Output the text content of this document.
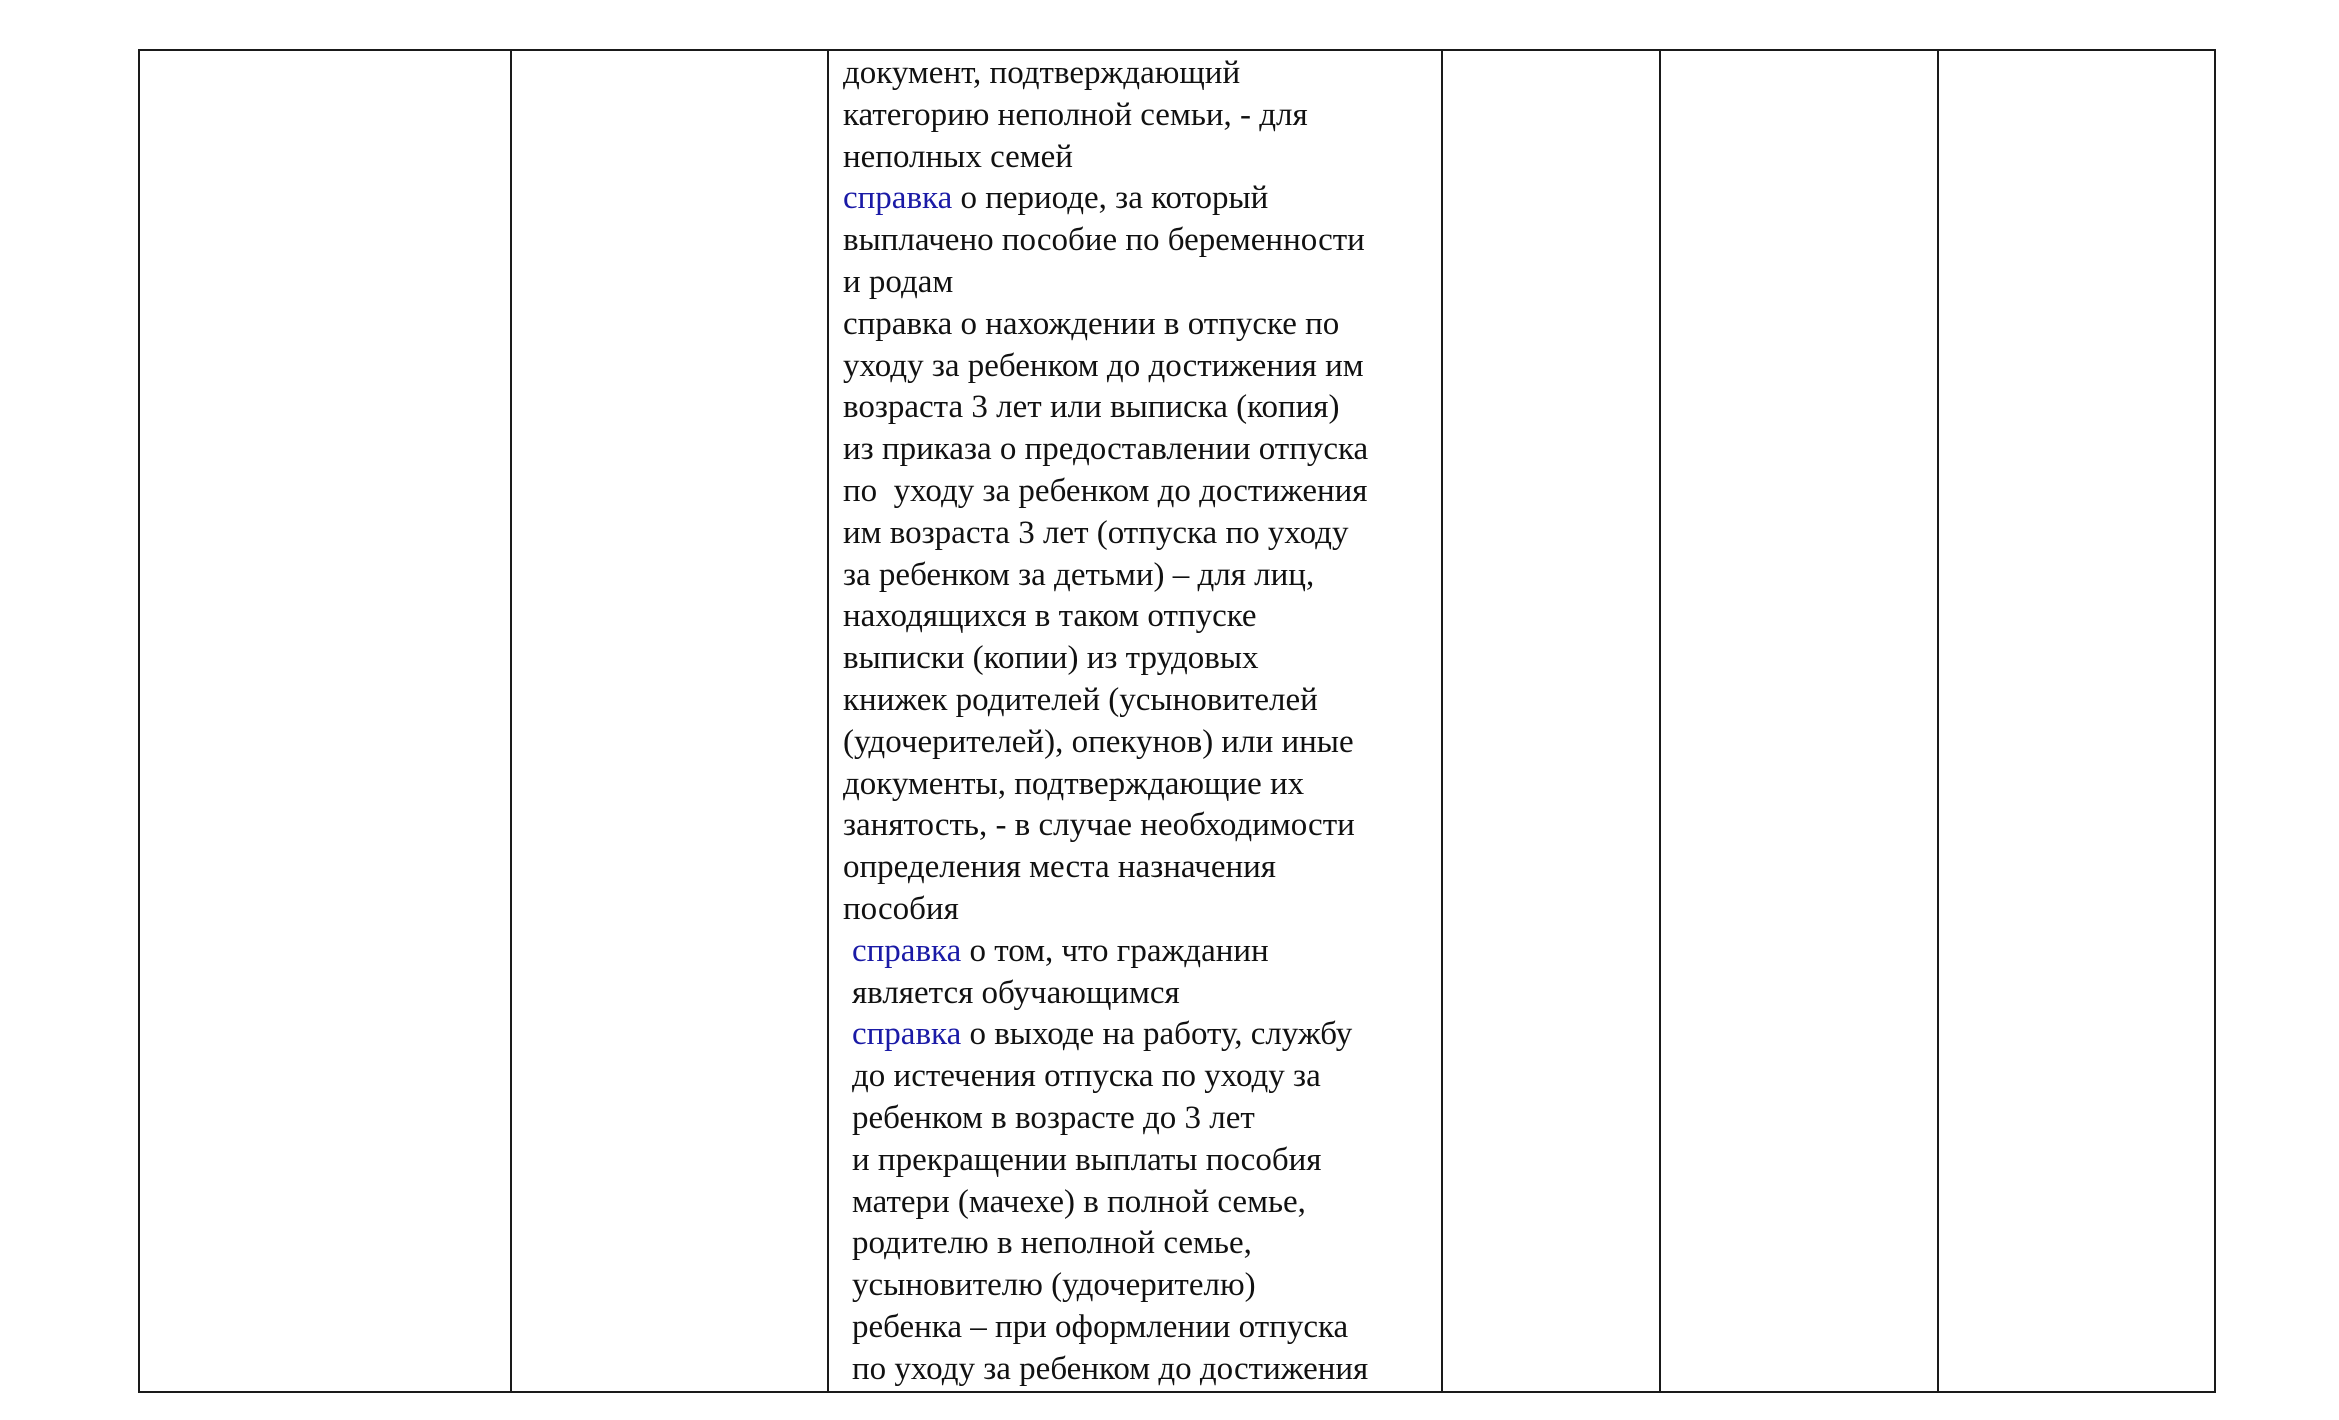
документ, подтверждающий
категорию неполной семьи, - для
неполных семей
справка о периоде, за который
выплачено пособие по беременности
и родам
справка о нахождении в отпуске по
уходу за ребенком до достижения им
возраста 3 лет или выписка (копия)
из приказа о предоставлении отпуска
по  уходу за ребенком до достижения
им возраста 3 лет (отпуска по уходу
за ребенком за детьми) – для лиц,
находящихся в таком отпуске
выписки (копии) из трудовых
книжек родителей (усыновителей
(удочерителей), опекунов) или иные
документы, подтверждающие их
занятость, - в случае необходимости
определения места назначения
пособия
справка о том, что гражданин
является обучающимся
справка о выходе на работу, службу
до истечения отпуска по уходу за
ребенком в возрасте до 3 лет
и прекращении выплаты пособия
матери (мачехе) в полной семье,
родителю в неполной семье,
усыновителю (удочерителю)
ребенка – при оформлении отпуска
по уходу за ребенком до достижения
